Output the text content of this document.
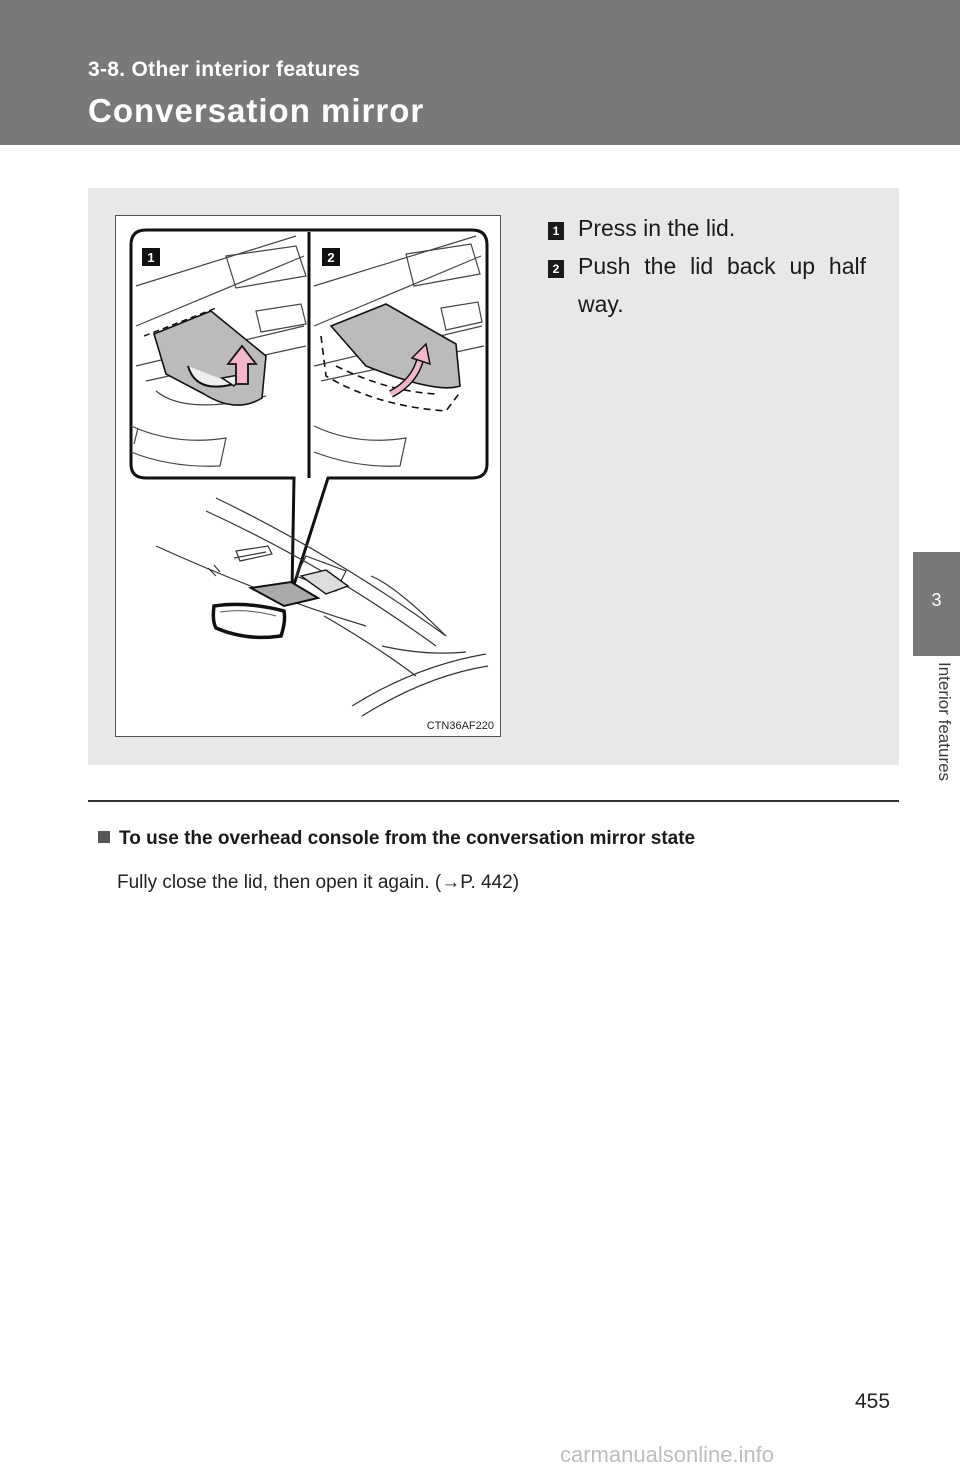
3-8. Other interior features
Conversation mirror
3
Interior features
1	2
CTN36AF220
1 Press in the lid.
2 Push the lid back up half way.
To use the overhead console from the conversation mirror state
Fully close the lid, then open it again. (→P. 442)
455
carmanualsonline.info
